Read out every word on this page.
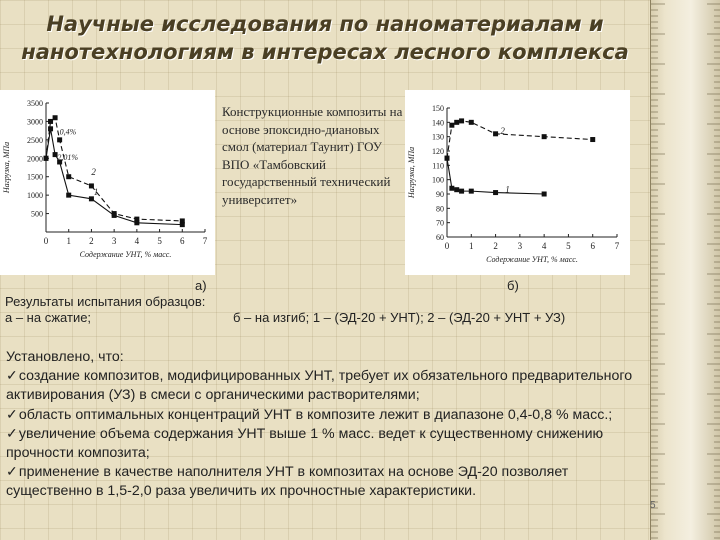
Научные исследования по наноматериалам и нанотехнологиям в интересах лесного комплекса
0 1 2 3 4 5 6 7
500
1000
1500
2000
2500
3000
3500
Содержание УНТ, % масс.
Нагрузка, МПа	2
1
0,4%
2,01%

Конструкционные композиты на основе эпоксидно-диановых смол (материал Таунит) ГОУ ВПО «Тамбовский государственный технический университет»

0 1 2 3 4 5 6 7
60
70
80
90
100
110
120
130
140
150
Содержание УНТ, % масс.
Нагрузка, МПа
2
1
а)	б)
Результаты испытания образцов:
а – на сжатие;	б – на изгиб; 1 – (ЭД-20 + УНТ); 2 – (ЭД-20 + УНТ + УЗ)
Установлено, что:
✓ создание композитов, модифицированных УНТ, требует их обязательного предварительного активирования (УЗ) в смеси с органическими растворителями;
✓ область оптимальных концентраций УНТ в композите лежит в диапазоне 0,4-0,8 % масс.;
✓ увеличение объема содержания УНТ выше 1 % масс. ведет к существенному снижению прочности композита;
✓ применение в качестве наполнителя УНТ в композитах на основе ЭД-20 позволяет существенно в 1,5-2,0 раза увеличить их прочностные характеристики.
5
